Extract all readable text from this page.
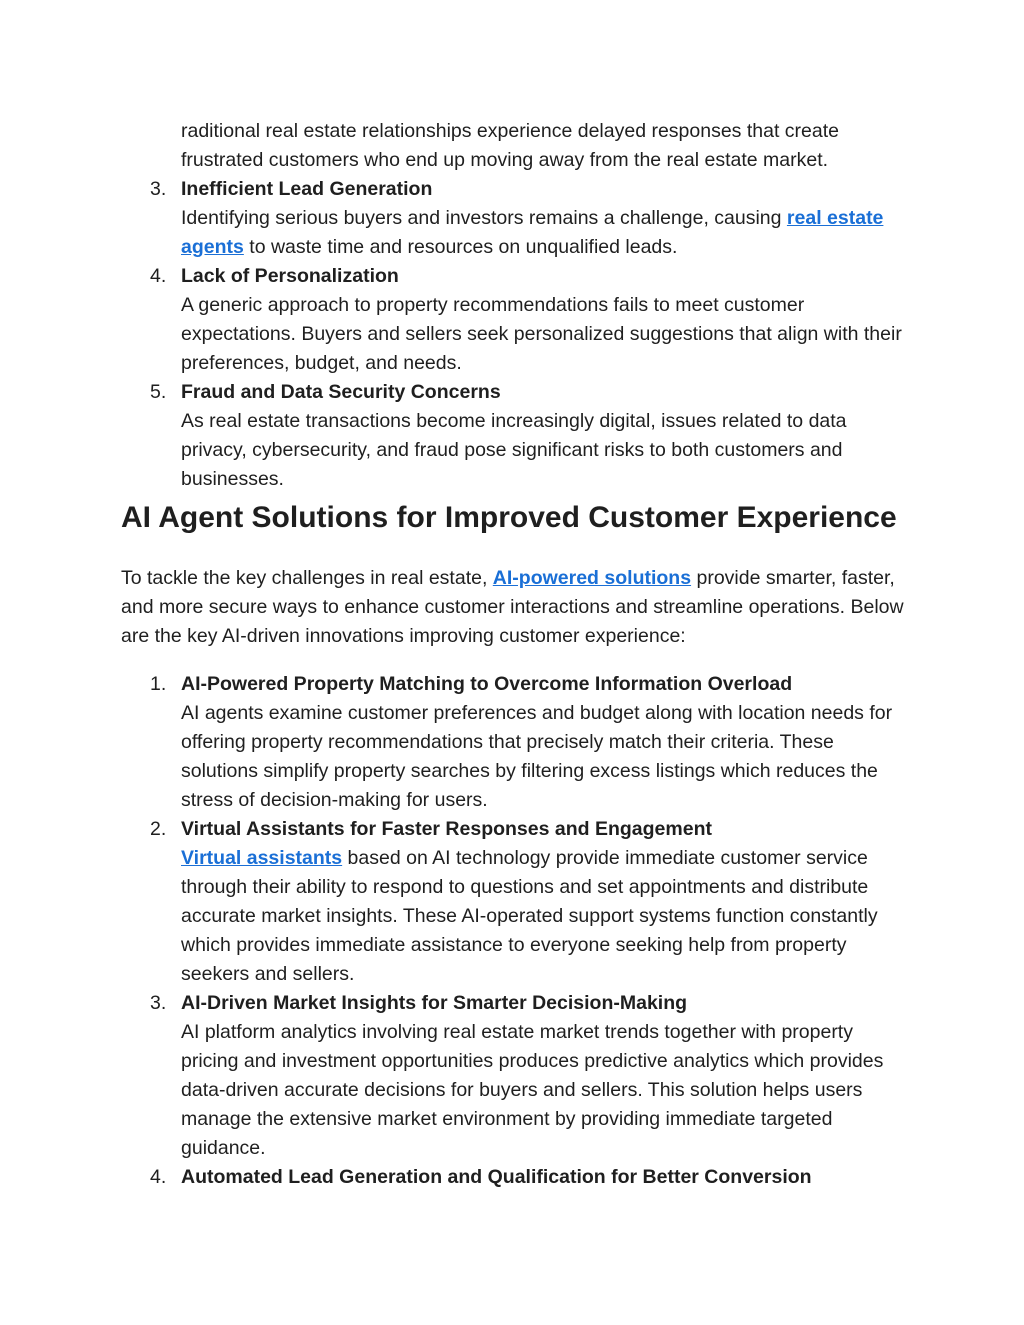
raditional real estate relationships experience delayed responses that create frustrated customers who end up moving away from the real estate market.
3. Inefficient Lead Generation
Identifying serious buyers and investors remains a challenge, causing real estate agents to waste time and resources on unqualified leads.
4. Lack of Personalization
A generic approach to property recommendations fails to meet customer expectations. Buyers and sellers seek personalized suggestions that align with their preferences, budget, and needs.
5. Fraud and Data Security Concerns
As real estate transactions become increasingly digital, issues related to data privacy, cybersecurity, and fraud pose significant risks to both customers and businesses.
AI Agent Solutions for Improved Customer Experience

To tackle the key challenges in real estate, AI-powered solutions provide smarter, faster, and more secure ways to enhance customer interactions and streamline operations. Below are the key AI-driven innovations improving customer experience:

1. AI-Powered Property Matching to Overcome Information Overload
AI agents examine customer preferences and budget along with location needs for offering property recommendations that precisely match their criteria. These solutions simplify property searches by filtering excess listings which reduces the stress of decision-making for users.
2. Virtual Assistants for Faster Responses and Engagement
Virtual assistants based on AI technology provide immediate customer service through their ability to respond to questions and set appointments and distribute accurate market insights. These AI-operated support systems function constantly which provides immediate assistance to everyone seeking help from property seekers and sellers.
3. AI-Driven Market Insights for Smarter Decision-Making
AI platform analytics involving real estate market trends together with property pricing and investment opportunities produces predictive analytics which provides data-driven accurate decisions for buyers and sellers. This solution helps users manage the extensive market environment by providing immediate targeted guidance.
4. Automated Lead Generation and Qualification for Better Conversion
